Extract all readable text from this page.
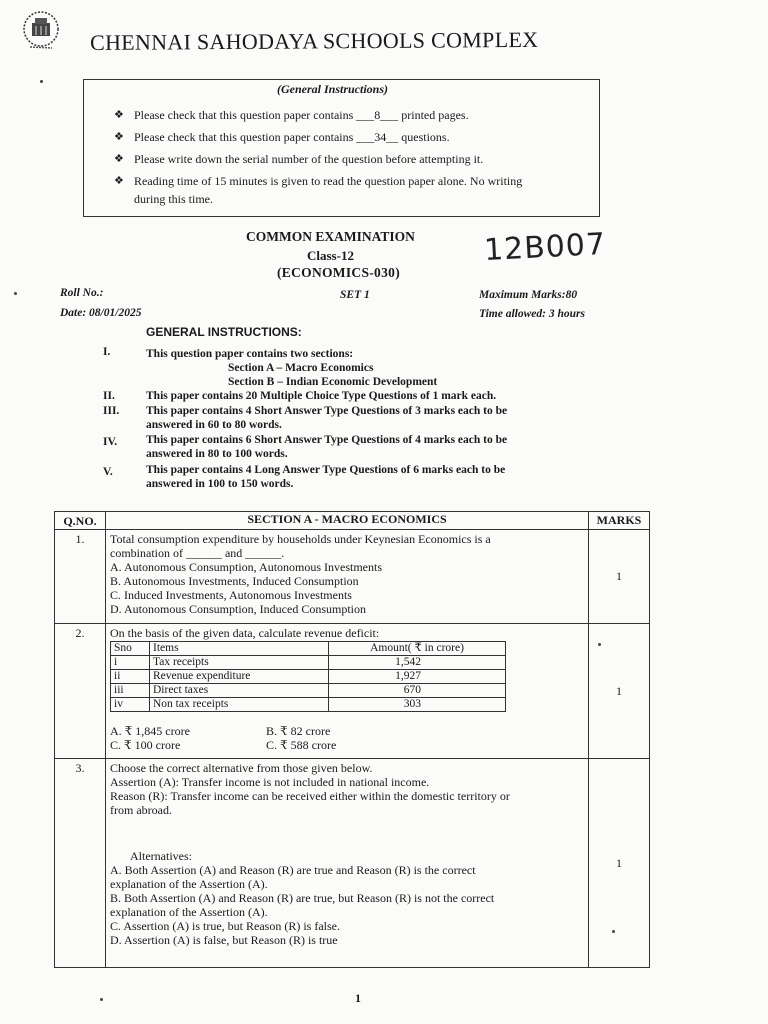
CHENNAI SAHODAYA SCHOOLS COMPLEX
(General Instructions)
❖ Please check that this question paper contains ___8___ printed pages.
❖ Please check that this question paper contains ___34__ questions.
❖ Please write down the serial number of the question before attempting it.
❖ Reading time of 15 minutes is given to read the question paper alone. No writing
during this time.
COMMON EXAMINATION
Class-12
(ECONOMICS-030)
12B007
Roll No.:	SET 1	Maximum Marks:80
Date: 08/01/2025	Time allowed: 3 hours
GENERAL INSTRUCTIONS:
I.	This question paper contains two sections:
Section A – Macro Economics
Section B – Indian Economic Development
II.	This paper contains 20 Multiple Choice Type Questions of 1 mark each.
III. This paper contains 4 Short Answer Type Questions of 3 marks each to be
answered in 60 to 80 words.
IV.	This paper contains 6 Short Answer Type Questions of 4 marks each to be
answered in 80 to 100 words.
V.	This paper contains 4 Long Answer Type Questions of 6 marks each to be
answered in 100 to 150 words.
Q.NO.	SECTION A - MACRO ECONOMICS	MARKS
1.	Total consumption expenditure by households under Keynesian Economics is a
combination of ______ and ______.
A. Autonomous Consumption, Autonomous Investments
B. Autonomous Investments, Induced Consumption
C. Induced Investments, Autonomous Investments
D. Autonomous Consumption, Induced Consumption
	1
2.	On the basis of the given data, calculate revenue deficit:
Sno	Items	Amount( ₹ in crore)
i	Tax receipts	1,542
ii	Revenue expenditure	1,927
iii	Direct taxes	670
iv	Non tax receipts	303
A. ₹ 1,845 crore	B. ₹ 82 crore
C. ₹ 100 crore	C. ₹ 588 crore
	1
3.	Choose the correct alternative from those given below.
Assertion (A): Transfer income is not included in national income.
Reason (R): Transfer income can be received either within the domestic territory or
from abroad.
Alternatives:
A. Both Assertion (A) and Reason (R) are true and Reason (R) is the correct
explanation of the Assertion (A).
B. Both Assertion (A) and Reason (R) are true, but Reason (R) is not the correct
explanation of the Assertion (A).
C. Assertion (A) is true, but Reason (R) is false.
D. Assertion (A) is false, but Reason (R) is true
	1
1
